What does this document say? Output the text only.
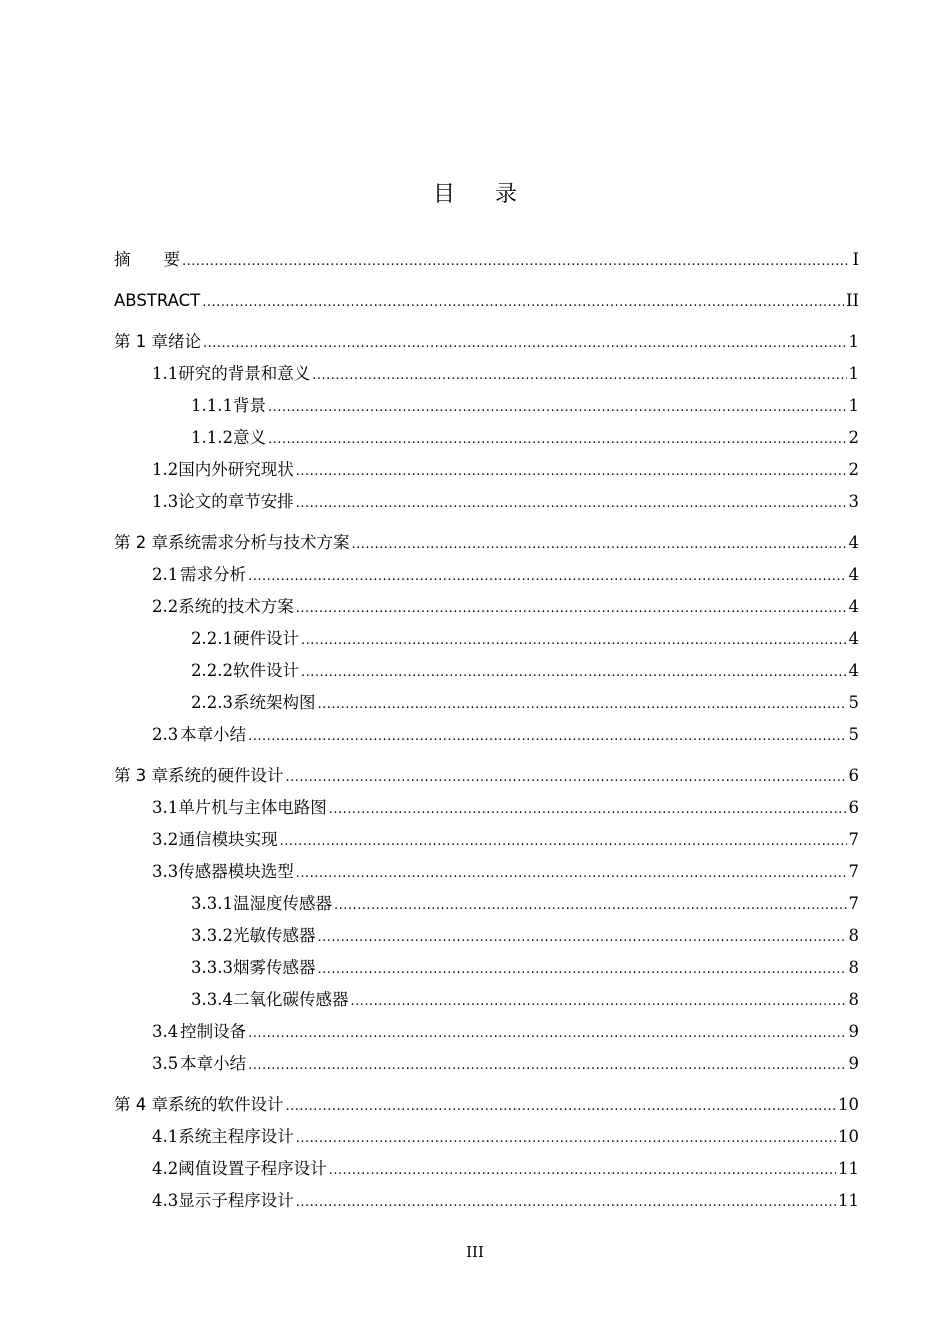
目录
摘　　要 .....	I
ABSTRACT .....	II
第 1 章 绪论 .....	1
1.1 研究的背景和意义 .....	1
1.1.1 背景 .....	1
1.1.2 意义 .....	2
1.2 国内外研究现状 .....	2
1.3 论文的章节安排 .....	3
第 2 章 系统需求分析与技术方案 .....	4
2.1 需求分析 .....	4
2.2 系统的技术方案 .....	4
2.2.1 硬件设计 .....	4
2.2.2 软件设计 .....	4
2.2.3 系统架构图 .....	5
2.3 本章小结 .....	5
第 3 章 系统的硬件设计 .....	6
3.1 单片机与主体电路图 .....	6
3.2 通信模块实现 .....	7
3.3 传感器模块选型 .....	7
3.3.1 温湿度传感器 .....	7
3.3.2 光敏传感器 .....	8
3.3.3 烟雾传感器 .....	8
3.3.4 二氧化碳传感器 .....	8
3.4 控制设备 .....	9
3.5 本章小结 .....	9
第 4 章 系统的软件设计 .....	10
4.1 系统主程序设计 .....	10
4.2 阈值设置子程序设计 .....	11
4.3 显示子程序设计 .....	11
III
